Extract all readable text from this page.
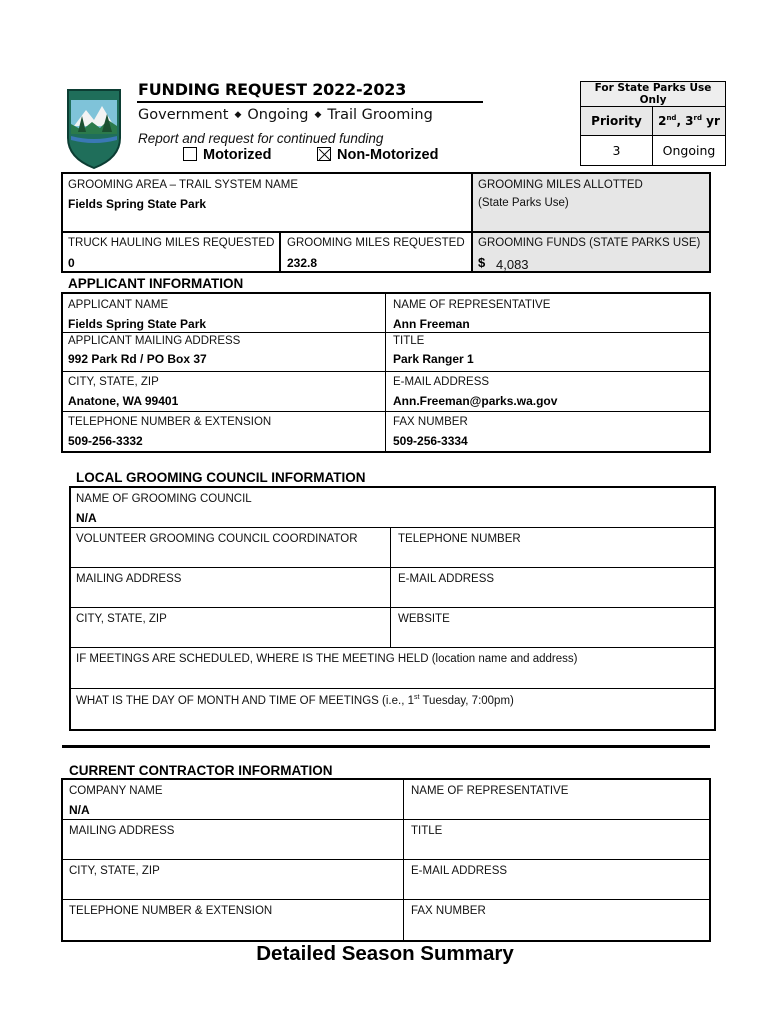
FUNDING REQUEST 2022-2023
Government ◆ Ongoing ◆ Trail Grooming
Report and request for continued funding
Motorized	Non-Motorized
For State Parks Use Only	
Priority	2nd, 3rd yr
3	Ongoing
GROOMING AREA – TRAIL SYSTEM NAME
Fields Spring State Park
GROOMING MILES ALLOTTED
(State Parks Use)
TRUCK HAULING MILES REQUESTED
0
GROOMING MILES REQUESTED
232.8
GROOMING FUNDS (STATE PARKS USE)
$ 4,083
APPLICANT INFORMATION
APPLICANT NAME
Fields Spring State Park
NAME OF REPRESENTATIVE
Ann Freeman
APPLICANT MAILING ADDRESS
992 Park Rd / PO Box 37
TITLE
Park Ranger 1
CITY, STATE, ZIP
Anatone, WA 99401
E-MAIL ADDRESS
Ann.Freeman@parks.wa.gov
TELEPHONE NUMBER & EXTENSION
509-256-3332
FAX NUMBER
509-256-3334
LOCAL GROOMING COUNCIL INFORMATION
NAME OF GROOMING COUNCIL
N/A
VOLUNTEER GROOMING COUNCIL COORDINATOR	TELEPHONE NUMBER
MAILING ADDRESS	E-MAIL ADDRESS
CITY, STATE, ZIP	WEBSITE
IF MEETINGS ARE SCHEDULED, WHERE IS THE MEETING HELD (location name and address)
WHAT IS THE DAY OF MONTH AND TIME OF MEETINGS (i.e., 1st Tuesday, 7:00pm)
CURRENT CONTRACTOR INFORMATION
COMPANY NAME
N/A
NAME OF REPRESENTATIVE
MAILING ADDRESS	TITLE
CITY, STATE, ZIP	E-MAIL ADDRESS
TELEPHONE NUMBER & EXTENSION	FAX NUMBER
Detailed Season Summary
